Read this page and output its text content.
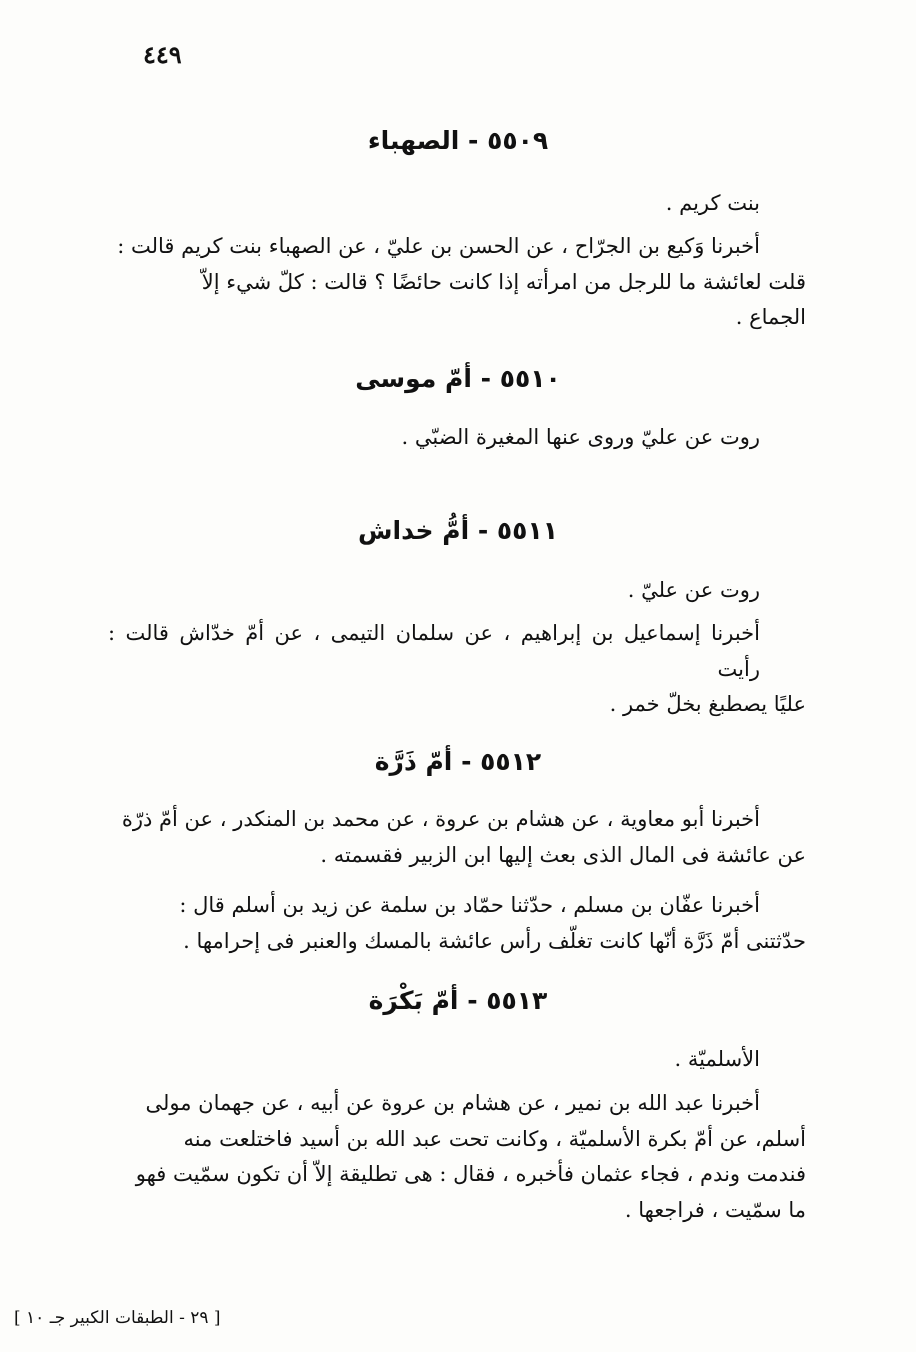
٤٤٩
٥٥٠٩ - الصهباء
بنت كريم .
أخبرنا وَكيع بن الجرّاح ، عن الحسن بن عليّ ، عن الصهباء بنت كريم قالت :
قلت لعائشة ما للرجل من امرأته إذا كانت حائضًا ؟ قالت : كلّ شيء إلاّ
الجماع .
٥٥١٠ - أمّ موسى
روت عن عليّ وروى عنها المغيرة الضبّي .
٥٥١١ - أمُّ خداش
روت عن عليّ .
أخبرنا إسماعيل بن إبراهيم ، عن سلمان التيمى ، عن أمّ خدّاش قالت : رأيت
عليًا يصطبغ بخلّ خمر .
٥٥١٢ - أمّ ذَرَّة
أخبرنا أبو معاوية ، عن هشام بن عروة ، عن محمد بن المنكدر ، عن أمّ ذرّة
عن عائشة فى المال الذى بعث إليها ابن الزبير فقسمته .
أخبرنا عفّان بن مسلم ، حدّثنا حمّاد بن سلمة عن زيد بن أسلم قال :
حدّثتنى أمّ ذَرَّة أنّها كانت تغلّف رأس عائشة بالمسك والعنبر فى إحرامها .
٥٥١٣ - أمّ بَكْرَة
الأسلميّة .
أخبرنا عبد الله بن نمير ، عن هشام بن عروة عن أبيه ، عن جهمان مولى
أسلم، عن أمّ بكرة الأسلميّة ، وكانت تحت عبد الله بن أسيد فاختلعت منه
فندمت وندم ، فجاء عثمان فأخبره ، فقال : هى تطليقة إلاّ أن تكون سمّيت فهو
ما سمّيت ، فراجعها .
[ ٢٩ - الطبقات الكبير جـ ١٠ ]
